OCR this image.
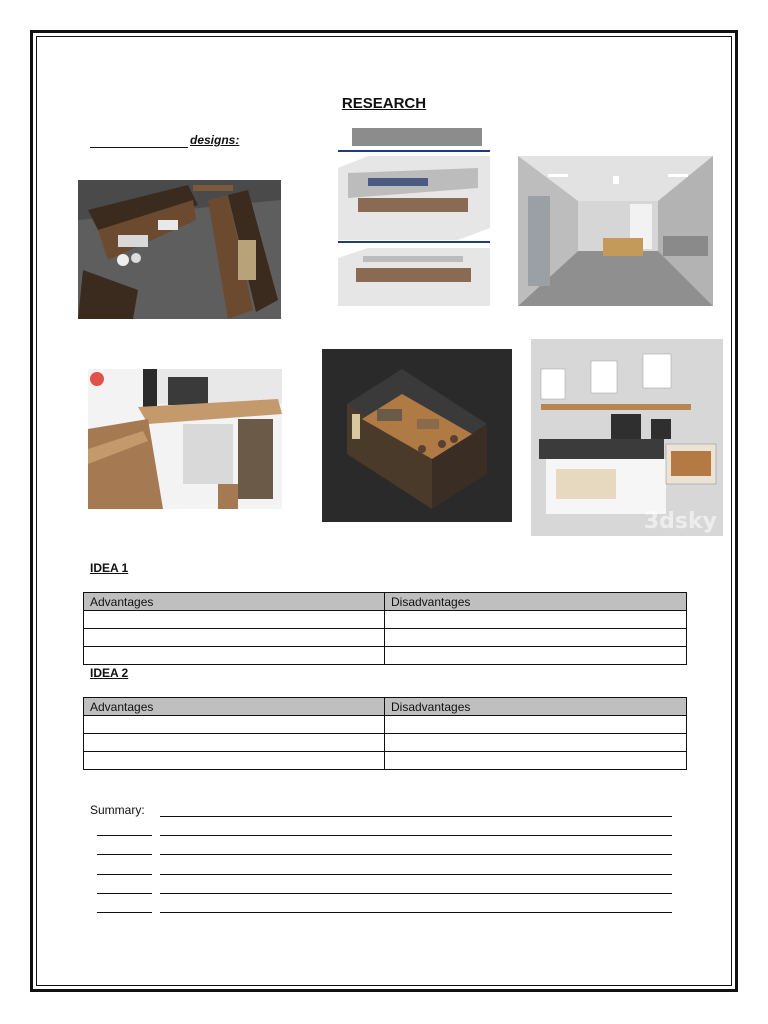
RESEARCH
designs:
3dsky
IDEA 1
Advantages	Disadvantages

IDEA 2
Advantages	Disadvantages

Summary:
